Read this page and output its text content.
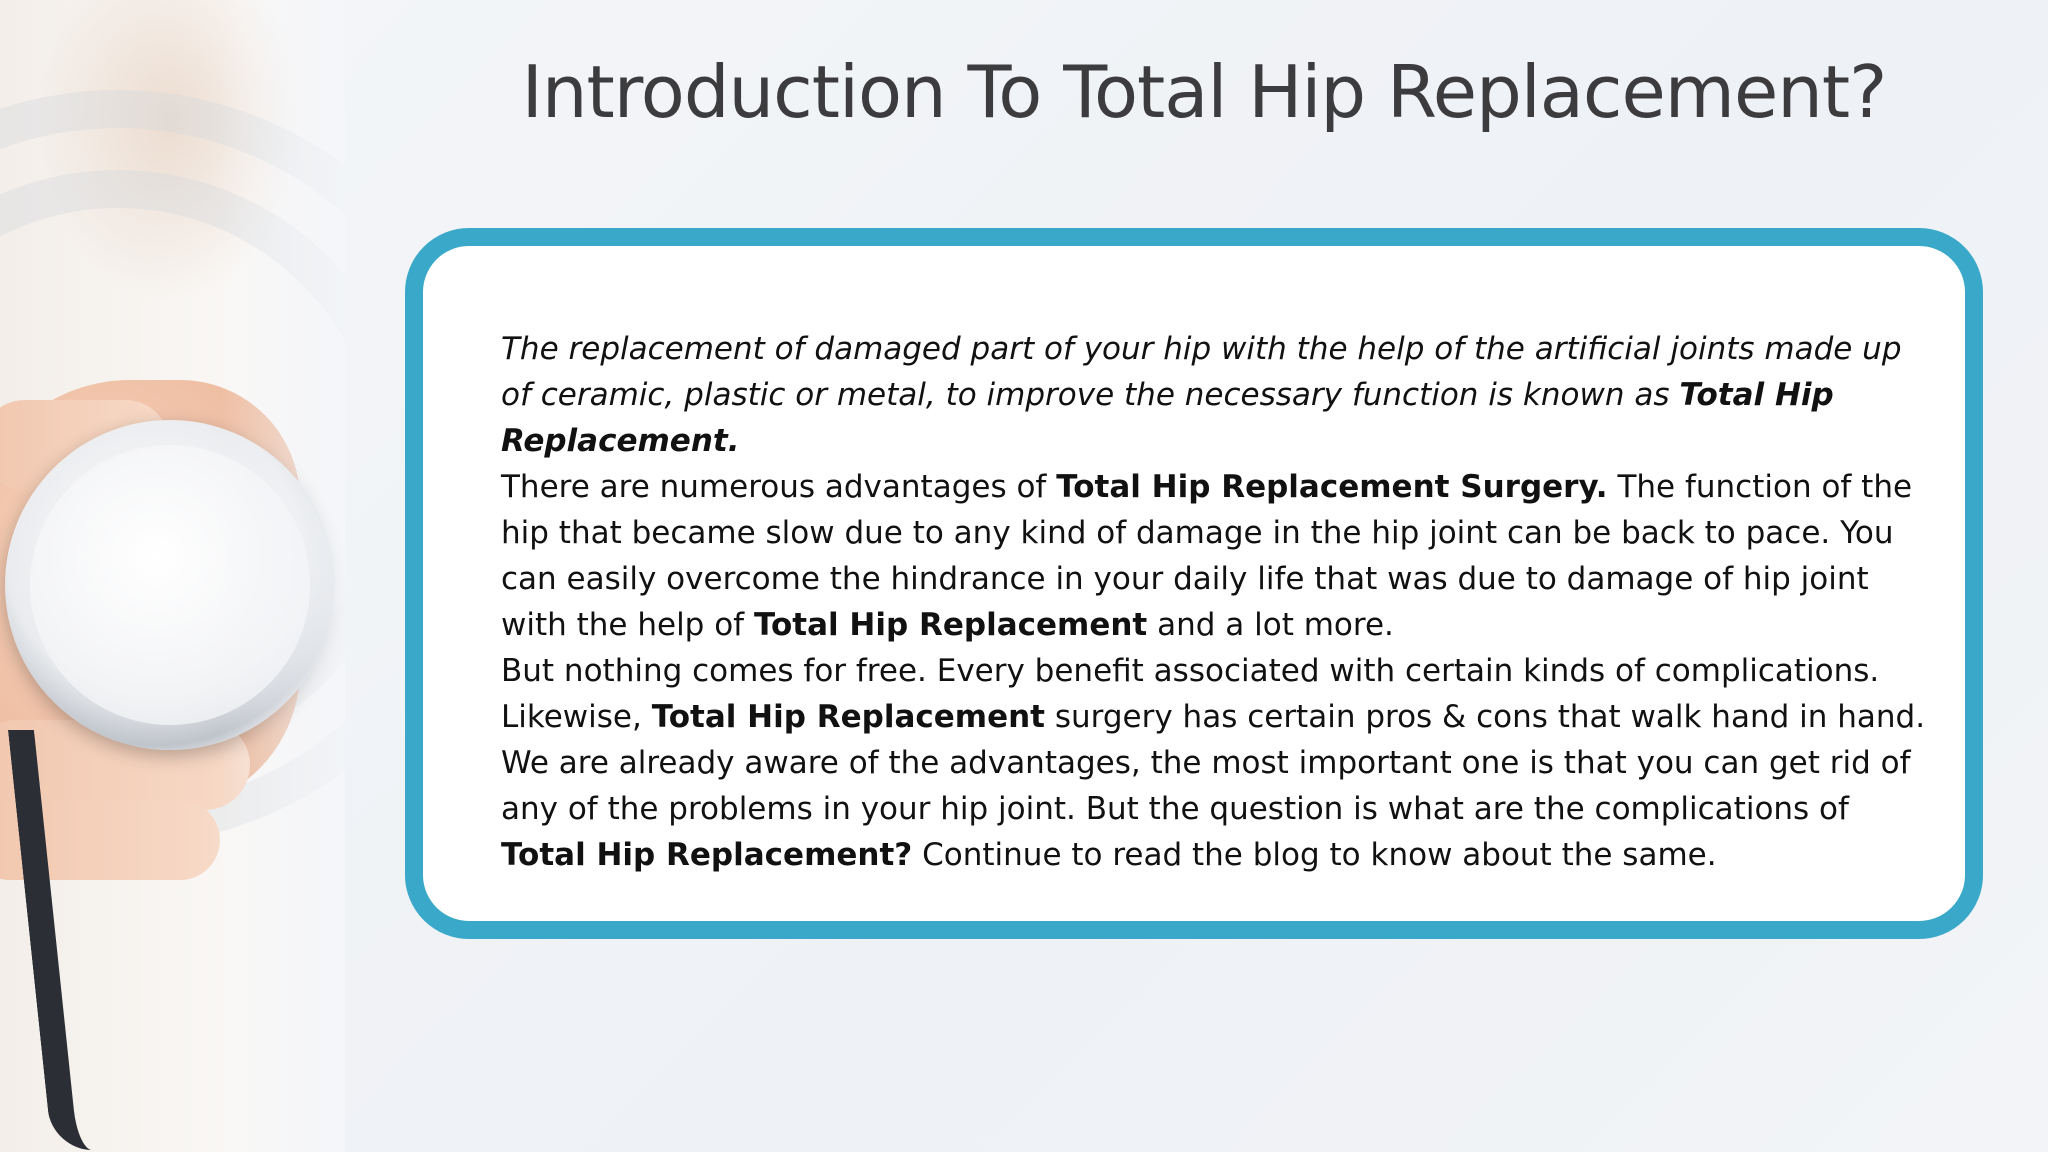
Introduction To Total Hip Replacement?

The replacement of damaged part of your hip with the help of the artificial joints made up of ceramic, plastic or metal, to improve the necessary function is known as Total Hip Replacement.

There are numerous advantages of Total Hip Replacement Surgery. The function of the hip that became slow due to any kind of damage in the hip joint can be back to pace. You can easily overcome the hindrance in your daily life that was due to damage of hip joint with the help of Total Hip Replacement and a lot more.

But nothing comes for free. Every benefit associated with certain kinds of complications. Likewise, Total Hip Replacement surgery has certain pros & cons that walk hand in hand. We are already aware of the advantages, the most important one is that you can get rid of any of the problems in your hip joint. But the question is what are the complications of Total Hip Replacement? Continue to read the blog to know about the same.
